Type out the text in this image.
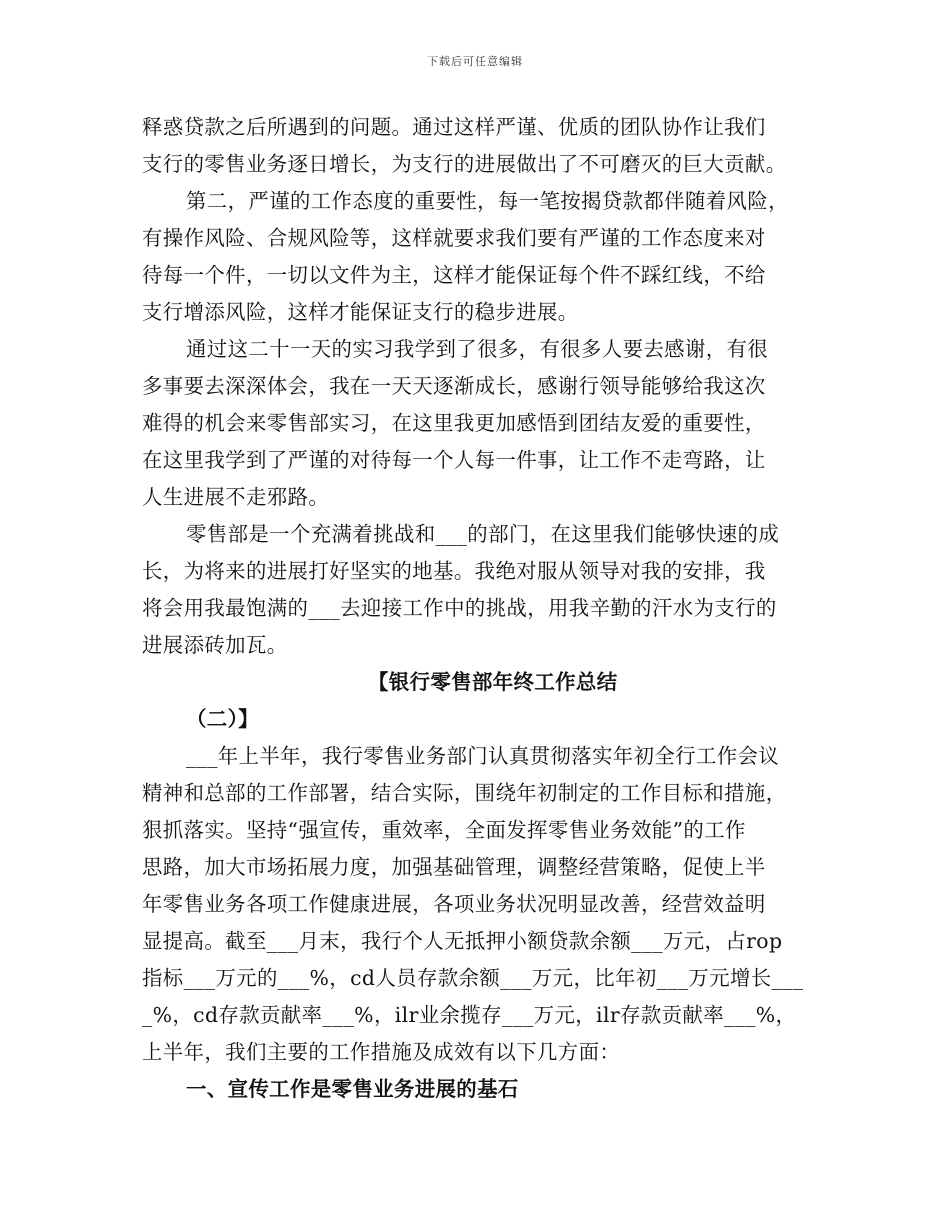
下载后可任意编辑
释惑贷款之后所遇到的问题。通过这样严谨、优质的团队协作让我们
支行的零售业务逐日增长，为支行的进展做出了不可磨灭的巨大贡献。
第二，严谨的工作态度的重要性，每一笔按揭贷款都伴随着风险，
有操作风险、合规风险等，这样就要求我们要有严谨的工作态度来对
待每一个件，一切以文件为主，这样才能保证每个件不踩红线，不给
支行增添风险，这样才能保证支行的稳步进展。
通过这二十一天的实习我学到了很多，有很多人要去感谢，有很
多事要去深深体会，我在一天天逐渐成长，感谢行领导能够给我这次
难得的机会来零售部实习，在这里我更加感悟到团结友爱的重要性，
在这里我学到了严谨的对待每一个人每一件事，让工作不走弯路，让
人生进展不走邪路。
零售部是一个充满着挑战和___的部门，在这里我们能够快速的成
长，为将来的进展打好坚实的地基。我绝对服从领导对我的安排，我
将会用我最饱满的___去迎接工作中的挑战，用我辛勤的汗水为支行的
进展添砖加瓦。
【银行零售部年终工作总结
（二）】
___年上半年，我行零售业务部门认真贯彻落实年初全行工作会议
精神和总部的工作部署，结合实际，围绕年初制定的工作目标和措施，
狠抓落实。坚持“强宣传，重效率，全面发挥零售业务效能”的工作
思路，加大市场拓展力度，加强基础管理，调整经营策略，促使上半
年零售业务各项工作健康进展，各项业务状况明显改善，经营效益明
显提高。截至___月末，我行个人无抵押小额贷款余额___万元，占rop
指标___万元的___%，cd人员存款余额___万元，比年初___万元增长___
_%，cd存款贡献率___%，ilr业余揽存___万元，ilr存款贡献率___%，
上半年，我们主要的工作措施及成效有以下几方面：
一、宣传工作是零售业务进展的基石
